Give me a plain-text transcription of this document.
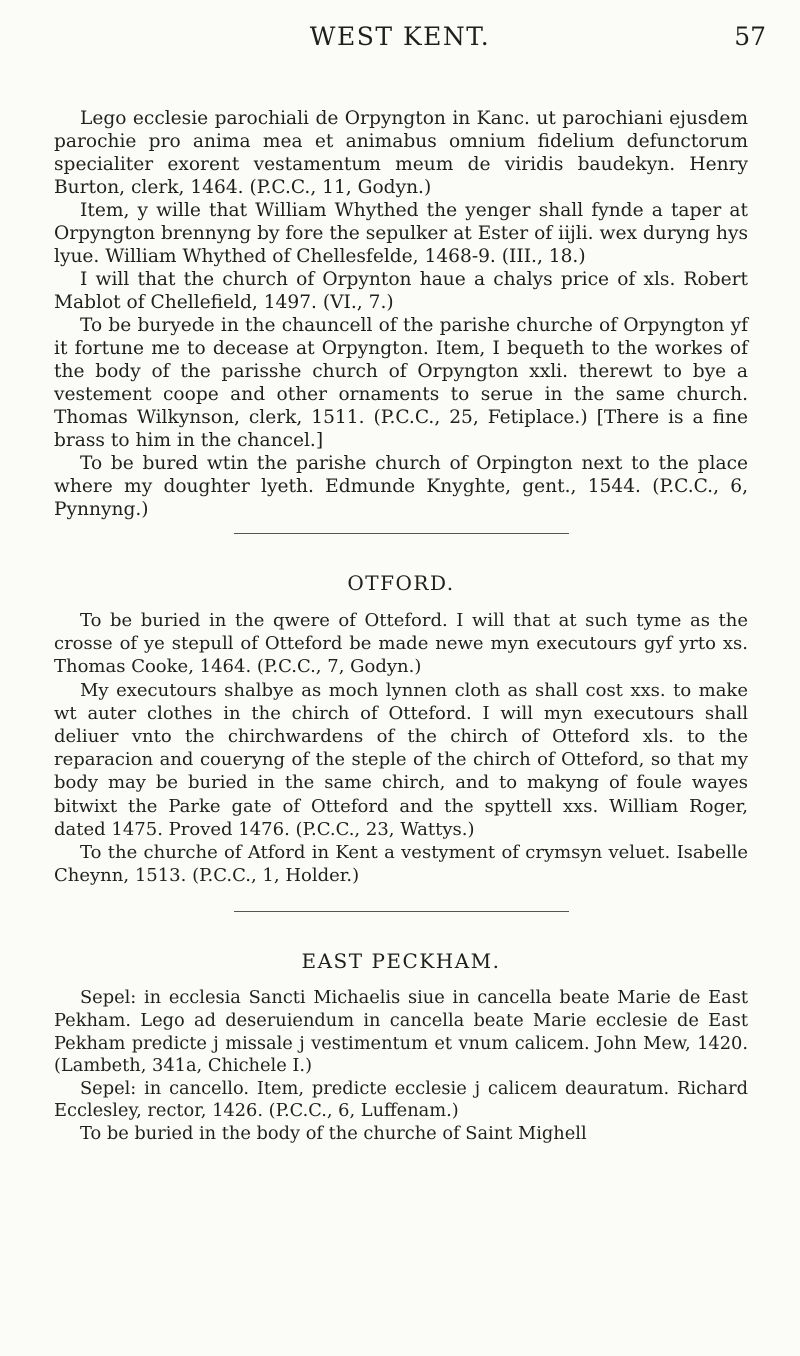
WEST KENT.	57

Lego ecclesie parochiali de Orpyngton in Kanc. ut parochiani ejusdem parochie pro anima mea et animabus omnium fidelium defunctorum specialiter exorent vestamentum meum de viridis baudekyn. Henry Burton, clerk, 1464. (P.C.C., 11, Godyn.)

Item, y wille that William Whythed the yenger shall fynde a taper at Orpyngton brennyng by fore the sepulker at Ester of iijli. wex duryng hys lyue. William Whythed of Chellesfelde, 1468-9. (III., 18.)

I will that the church of Orpynton haue a chalys price of xls. Robert Mablot of Chellefield, 1497. (VI., 7.)

To be buryede in the chauncell of the parishe churche of Orpyngton yf it fortune me to decease at Orpyngton. Item, I bequeth to the workes of the body of the parisshe church of Orpyngton xxli. therewt to bye a vestement coope and other ornaments to serue in the same church. Thomas Wilkynson, clerk, 1511. (P.C.C., 25, Fetiplace.) [There is a fine brass to him in the chancel.]

To be bured wtin the parishe church of Orpington next to the place where my doughter lyeth. Edmunde Knyghte, gent., 1544. (P.C.C., 6, Pynnyng.)

OTFORD.

To be buried in the qwere of Otteford. I will that at such tyme as the crosse of ye stepull of Otteford be made newe myn executours gyf yrto xs. Thomas Cooke, 1464. (P.C.C., 7, Godyn.)

My executours shalbye as moch lynnen cloth as shall cost xxs. to make wt auter clothes in the chirch of Otteford. I will myn executours shall deliuer vnto the chirchwardens of the chirch of Otteford xls. to the reparacion and coueryng of the steple of the chirch of Otteford, so that my body may be buried in the same chirch, and to makyng of foule wayes bitwixt the Parke gate of Otteford and the spyttell xxs. William Roger, dated 1475. Proved 1476. (P.C.C., 23, Wattys.)

To the churche of Atford in Kent a vestyment of crymsyn veluet. Isabelle Cheynn, 1513. (P.C.C., 1, Holder.)

EAST PECKHAM.

Sepel: in ecclesia Sancti Michaelis siue in cancella beate Marie de East Pekham. Lego ad deseruiendum in cancella beate Marie ecclesie de East Pekham predicte j missale j vestimentum et vnum calicem. John Mew, 1420. (Lambeth, 341a, Chichele I.)

Sepel: in cancello. Item, predicte ecclesie j calicem deauratum. Richard Ecclesley, rector, 1426. (P.C.C., 6, Luffenam.)

To be buried in the body of the churche of Saint Mighell
